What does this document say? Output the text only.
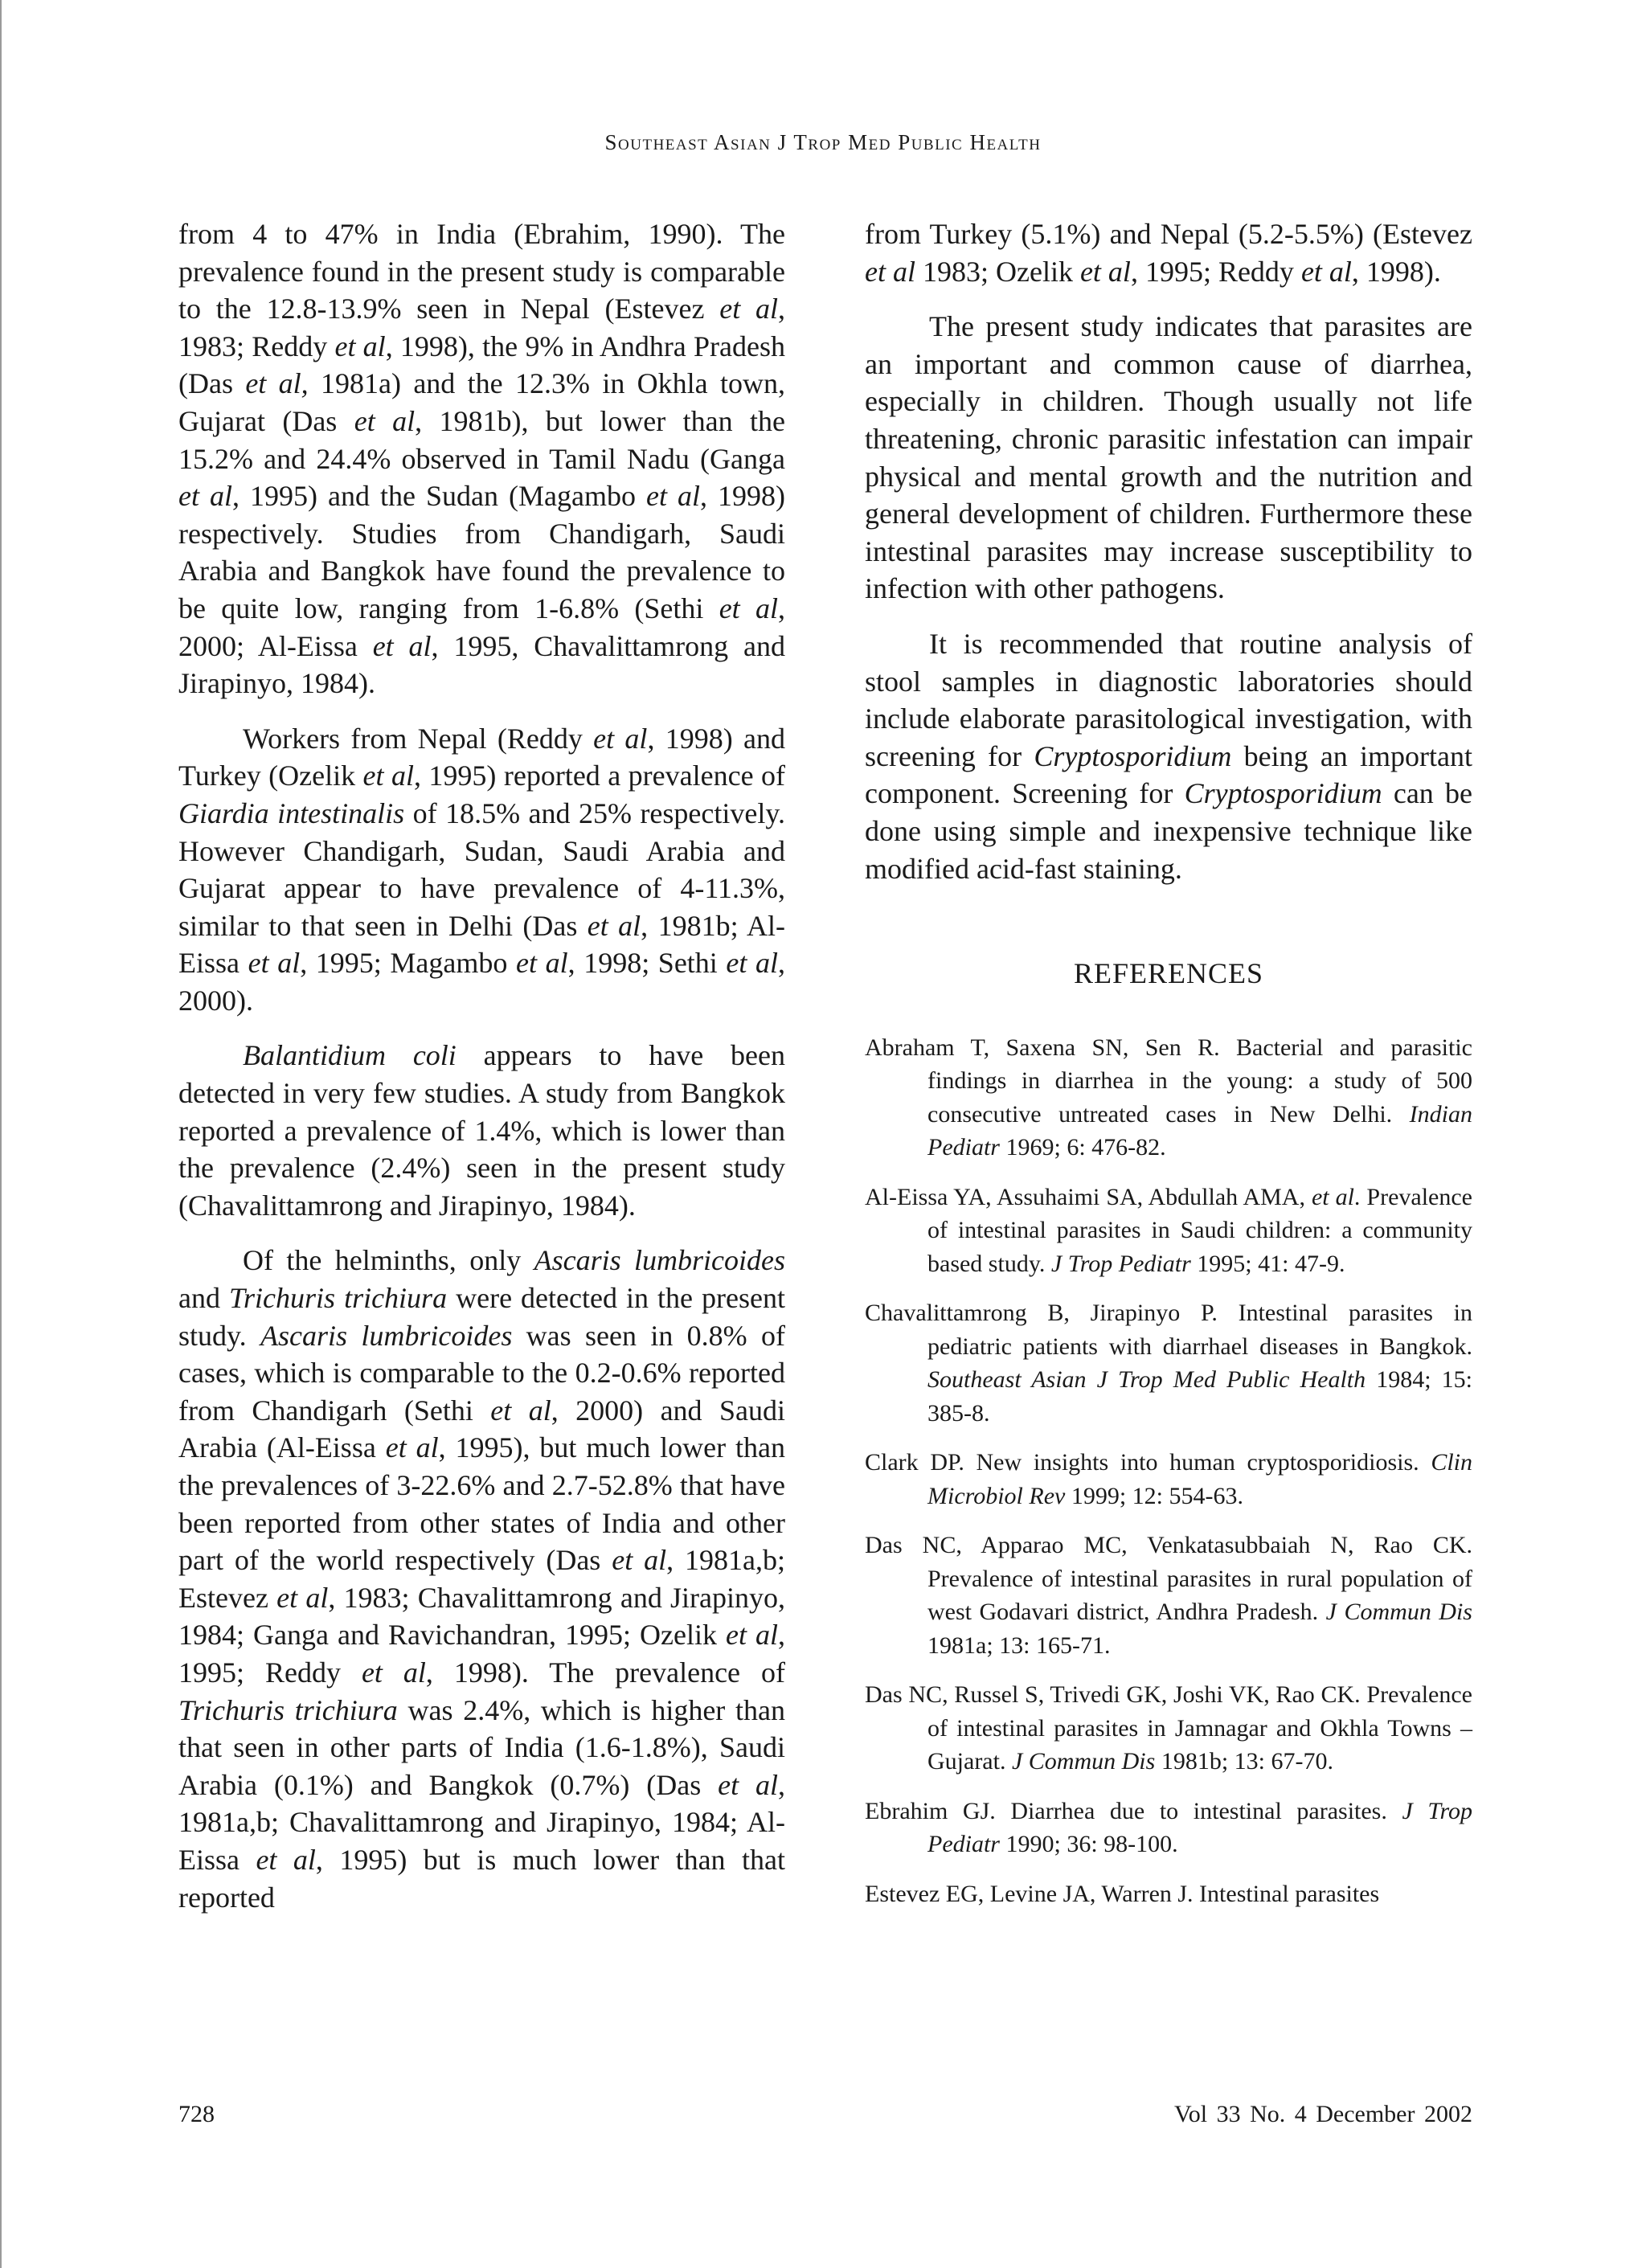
Southeast Asian J Trop Med Public Health

from 4 to 47% in India (Ebrahim, 1990). The prevalence found in the present study is comparable to the 12.8-13.9% seen in Nepal (Estevez et al, 1983; Reddy et al, 1998), the 9% in Andhra Pradesh (Das et al, 1981a) and the 12.3% in Okhla town, Gujarat (Das et al, 1981b), but lower than the 15.2% and 24.4% observed in Tamil Nadu (Ganga et al, 1995) and the Sudan (Magambo et al, 1998) respectively. Studies from Chandigarh, Saudi Arabia and Bangkok have found the prevalence to be quite low, ranging from 1-6.8% (Sethi et al, 2000; Al-Eissa et al, 1995, Chavalittamrong and Jirapinyo, 1984).

Workers from Nepal (Reddy et al, 1998) and Turkey (Ozelik et al, 1995) reported a prevalence of Giardia intestinalis of 18.5% and 25% respectively. However Chandigarh, Sudan, Saudi Arabia and Gujarat appear to have prevalence of 4-11.3%, similar to that seen in Delhi (Das et al, 1981b; Al-Eissa et al, 1995; Magambo et al, 1998; Sethi et al, 2000).

Balantidium coli appears to have been detected in very few studies. A study from Bangkok reported a prevalence of 1.4%, which is lower than the prevalence (2.4%) seen in the present study (Chavalittamrong and Jirapinyo, 1984).

Of the helminths, only Ascaris lumbricoides and Trichuris trichiura were detected in the present study. Ascaris lumbricoides was seen in 0.8% of cases, which is comparable to the 0.2-0.6% reported from Chandigarh (Sethi et al, 2000) and Saudi Arabia (Al-Eissa et al, 1995), but much lower than the prevalences of 3-22.6% and 2.7-52.8% that have been reported from other states of India and other part of the world respectively (Das et al, 1981a,b; Estevez et al, 1983; Chavalittamrong and Jirapinyo, 1984; Ganga and Ravichandran, 1995; Ozelik et al, 1995; Reddy et al, 1998). The prevalence of Trichuris trichiura was 2.4%, which is higher than that seen in other parts of India (1.6-1.8%), Saudi Arabia (0.1%) and Bangkok (0.7%) (Das et al, 1981a,b; Chavalittamrong and Jirapinyo, 1984; Al-Eissa et al, 1995) but is much lower than that reported

from Turkey (5.1%) and Nepal (5.2-5.5%) (Estevez et al 1983; Ozelik et al, 1995; Reddy et al, 1998).

The present study indicates that parasites are an important and common cause of diarrhea, especially in children. Though usually not life threatening, chronic parasitic infestation can impair physical and mental growth and the nutrition and general development of children. Furthermore these intestinal parasites may increase susceptibility to infection with other pathogens.

It is recommended that routine analysis of stool samples in diagnostic laboratories should include elaborate parasitological investigation, with screening for Cryptosporidium being an important component. Screening for Cryptosporidium can be done using simple and inexpensive technique like modified acid-fast staining.

REFERENCES
Abraham T, Saxena SN, Sen R. Bacterial and parasitic findings in diarrhea in the young: a study of 500 consecutive untreated cases in New Delhi. Indian Pediatr 1969; 6: 476-82.
Al-Eissa YA, Assuhaimi SA, Abdullah AMA, et al. Prevalence of intestinal parasites in Saudi children: a community based study. J Trop Pediatr 1995; 41: 47-9.
Chavalittamrong B, Jirapinyo P. Intestinal parasites in pediatric patients with diarrhael diseases in Bangkok. Southeast Asian J Trop Med Public Health 1984; 15: 385-8.
Clark DP. New insights into human cryptosporidiosis. Clin Microbiol Rev 1999; 12: 554-63.
Das NC, Apparao MC, Venkatasubbaiah N, Rao CK. Prevalence of intestinal parasites in rural population of west Godavari district, Andhra Pradesh. J Commun Dis 1981a; 13: 165-71.
Das NC, Russel S, Trivedi GK, Joshi VK, Rao CK. Prevalence of intestinal parasites in Jamnagar and Okhla Towns – Gujarat. J Commun Dis 1981b; 13: 67-70.
Ebrahim GJ. Diarrhea due to intestinal parasites. J Trop Pediatr 1990; 36: 98-100.
Estevez EG, Levine JA, Warren J. Intestinal parasites
728	Vol 33 No. 4 December 2002
